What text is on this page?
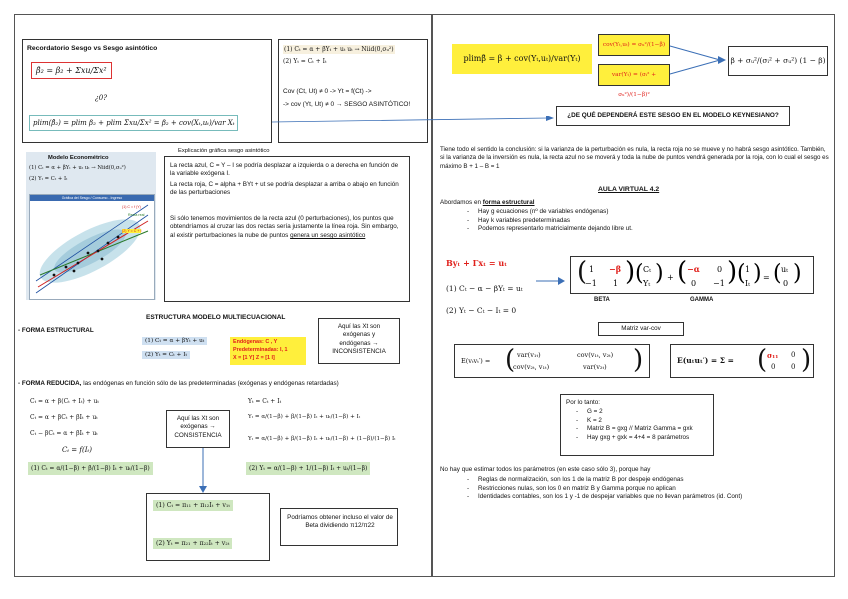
Recordatorio Sesgo vs Sesgo asintótico
β̂₂ = β₂ + Σxu/Σx²
¿0?
plim(β̂₂) = plim β₂ + plim Σxu/Σx² = β₂ + cov(Xₜ,uₜ)/var Xₜ
(1) Cₜ = α + βYₜ + uₜ uₜ → Niid(0,σᵤ²)
(2) Yₜ = Cₜ + Iₜ
Cov (Ct, Ut) ≠ 0 -> Yt = f(Ct) ->
-> cov (Yt, Ut) ≠ 0 → SESGO ASINTÓTICO!
Explicación gráfica sesgo asintótico
Modelo Econométrico
(1) Cₜ = α + βYₜ + uₜ uₜ → Niid(0,σᵤ²)
(2) Yₜ = Cₜ + Iₜ
Gráfica del Sesgo / Consumo - Ingreso
(1) C = f (Y)
Recta real
(2) Y = C + I
La recta azul, C = Y – I se podría desplazar a izquierda o a derecha en función de la variable exógena I.
La recta roja, C = alpha + BYt + ut se podría desplazar a arriba o abajo en función de las perturbaciones
Si sólo tenemos movimientos de la recta azul (0 perturbaciones), los puntos que obtendríamos al cruzar las dos rectas sería justamente la línea roja. Sin embargo, al existir perturbaciones la nube de puntos genera un sesgo asintótico
ESTRUCTURA MODELO MULTIECUACIONAL
- FORMA ESTRUCTURAL
(1) Cₜ = α + βYₜ + uₜ
(2) Yₜ = Cₜ + Iₜ
Endógenas: C , Y
Predeterminadas: I, 1
X = [1 Y] Z = [1 I]
Aquí las Xt son
exógenas y
endógenas →
INCONSISTENCIA
- FORMA REDUCIDA, las endógenas en función sólo de las predeterminadas (exógenas y endógenas retardadas)
Cₜ = α + β(Cₜ + Iₜ) + uₜ
Cₜ = α + βCₜ + βIₜ + uₜ
Cₜ − βCₜ = α + βIₜ + uₜ
Cₜ = f(Iₜ)
(1) Cₜ = α/(1−β) + β/(1−β) Iₜ + uₜ/(1−β)
Aquí las Xt son
exógenas →
CONSISTENCIA
Yₜ = Cₜ + Iₜ
Yₜ = α/(1−β) + β/(1−β) Iₜ + uₜ/(1−β) + Iₜ
Yₜ = α/(1−β) + β/(1−β) Iₜ + uₜ/(1−β) + (1−β)/(1−β) Iₜ
(2) Yₜ = α/(1−β) + 1/(1−β) Iₜ + uₜ/(1−β)
(1) Cₜ = π₁₁ + π₁₂Iₜ + v₁ₜ
(2) Yₜ = π₂₁ + π₂₂Iₜ + v₂ₜ
Podríamos obtener incluso el valor de Beta dividiendo π12/π22
plimβ̂ = β + cov(Yₜ,uₜ)/var(Yₜ)
cov(Yₜ,uₜ) = σᵤ²/(1−β)
var(Yₜ) = (σᵢ² + σᵤ²)/(1−β)²
β + σᵤ²/(σᵢ² + σᵤ²) (1 − β)
¿DE QUÉ DEPENDERÁ ESTE SESGO EN EL MODELO KEYNESIANO?
Tiene todo el sentido la conclusión: si la varianza de la perturbación es nula, la recta roja no se mueve y no habrá sesgo asintótico. También, si la varianza de la inversión es nula, la recta azul no se moverá y toda la nube de puntos vendrá generada por la roja, con lo cual el sesgo es máximo B + 1 – B = 1
AULA VIRTUAL 4.2
Abordamos en forma estructural
- Hay g ecuaciones (nº de variables endógenas)
- Hay k variables predeterminadas
- Podemos representarlo matricialmente dejando libre ut.
Byₜ + Γxₜ = uₜ
(1) Cₜ − α − βYₜ = uₜ
(2) Yₜ − Cₜ − Iₜ = 0
( 1 −β
−1 1 ) ( Cₜ
Yₜ ) + ( −α 0
0 −1 ) ( 1
Iₜ ) = ( uₜ
0 )
BETA	GAMMA
Matriz var-cov
E(vₜvₜ′) = ( var(v₁ₜ)	cov(v₁ₜ, v₂ₜ)
cov(v₂ₜ, v₁ₜ)	var(v₂ₜ) )	E(uₜuₜ′) = Σ = ( σ₁₁ 0
0 0 )
Por lo tanto:
- G = 2
- K = 2
- Matriz B = gxg // Matriz Gamma = gxk
- Hay gxg + gxk = 4+4 = 8 parámetros
No hay que estimar todos los parámetros (en este caso sólo 3), porque hay
- Reglas de normalización, son los 1 de la matriz B por despeje endógenas
- Restricciones nulas, son los 0 en matriz B y Gamma porque no aplican
- Identidades contables, son los 1 y -1 de despejar variables que no llevan parámetros (id. Cont)
